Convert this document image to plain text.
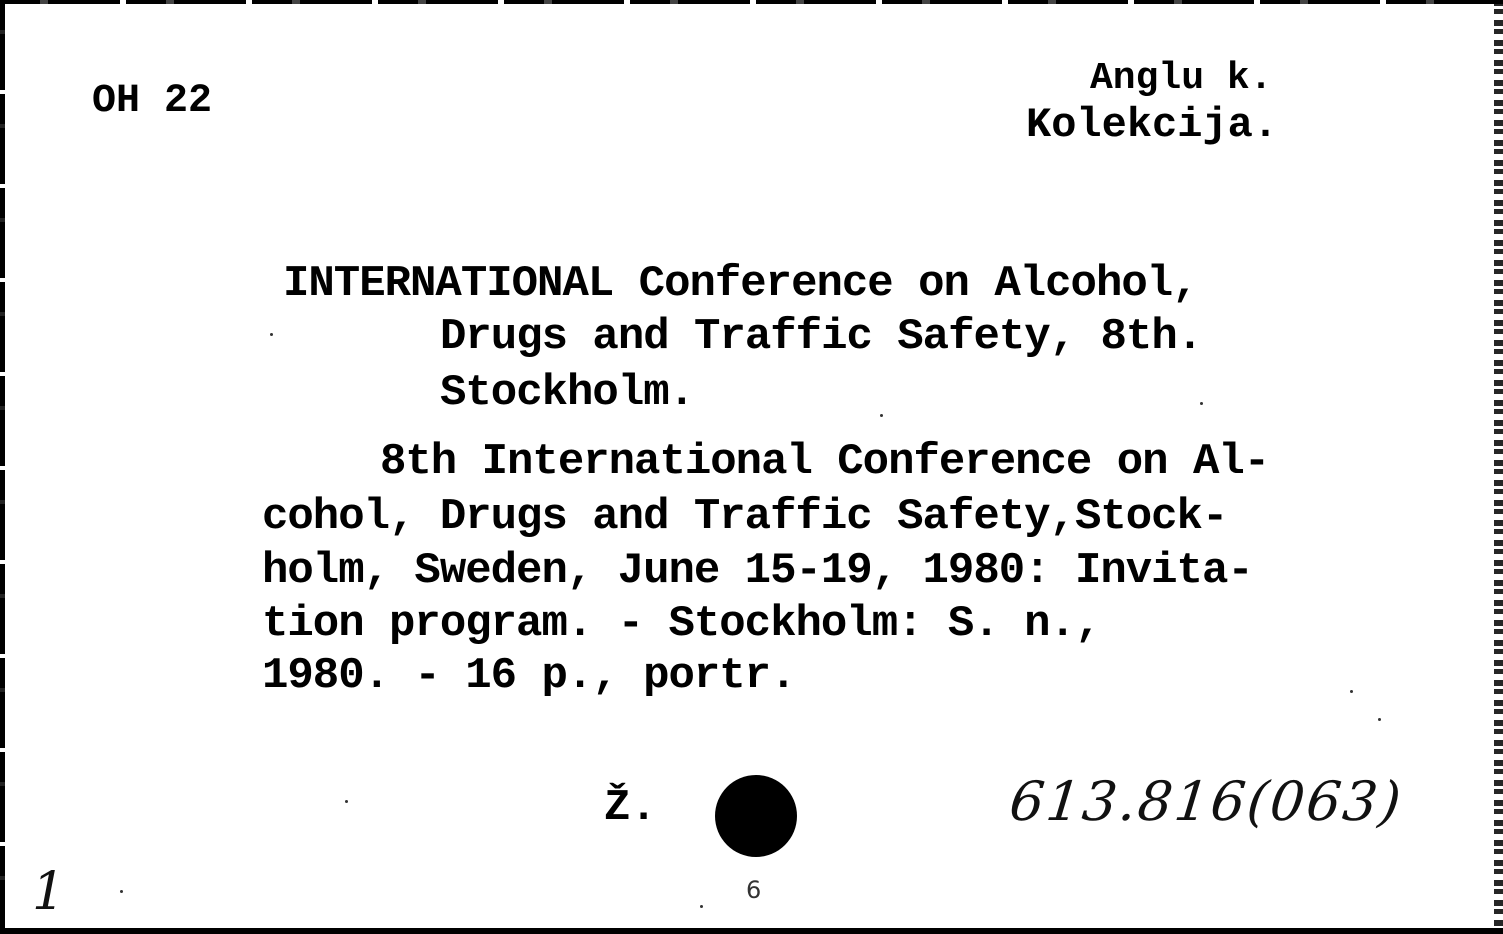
OH 22

Anglu k.

Kolekcija.

INTERNATIONAL Conference on Alcohol,

Drugs and Traffic Safety, 8th.

Stockholm.

8th International Conference on Al-

cohol, Drugs and Traffic Safety,Stock-

holm, Sweden, June 15-19, 1980: Invita-

tion program. - Stockholm: S. n.,

1980. - 16 p., portr.

Ž.	613.816(063)
1	6
